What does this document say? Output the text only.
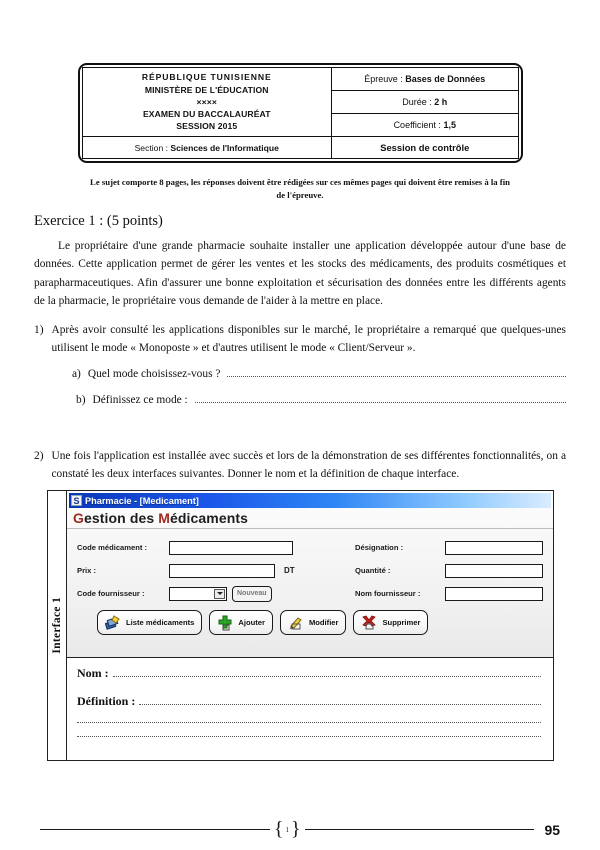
RÉPUBLIQUE TUNISIENNE
MINISTÈRE DE L'ÉDUCATION
××××
EXAMEN DU BACCALAURÉAT
SESSION 2015	Épreuve : Bases de Données
	Durée : 2 h
	Coefficient : 1,5
Section : Sciences de l'Informatique	Session de contrôle
Le sujet comporte 8 pages, les réponses doivent être rédigées sur ces mêmes pages qui doivent être remises à la fin de l'épreuve.
Exercice 1 : (5 points)
Le propriétaire d'une grande pharmacie souhaite installer une application développée autour d'une base de données. Cette application permet de gérer les ventes et les stocks des médicaments, des produits cosmétiques et parapharmaceutiques. Afin d'assurer une bonne exploitation et sécurisation des données entre les différents agents de la pharmacie, le propriétaire vous demande de l'aider à la mettre en place.
1) Après avoir consulté les applications disponibles sur le marché, le propriétaire a remarqué que quelques-unes utilisent le mode « Monoposte » et d'autres utilisent le mode « Client/Serveur ».
a) Quel mode choisissez-vous ?
b) Définissez ce mode :
2) Une fois l'application est installée avec succès et lors de la démonstration de ses différentes fonctionnalités, on a constaté les deux interfaces suivantes. Donner le nom et la définition de chaque interface.
Interface 1
S Pharmacie - [Medicament]
Gestion des Médicaments
Code médicament :
Prix :	DT
Code fournisseur :	Nouveau
Désignation :
Quantité :
Nom fournisseur :
Liste médicaments	Ajouter	Modifier	Supprimer
Nom :
Définition :
{ 1 }	95
